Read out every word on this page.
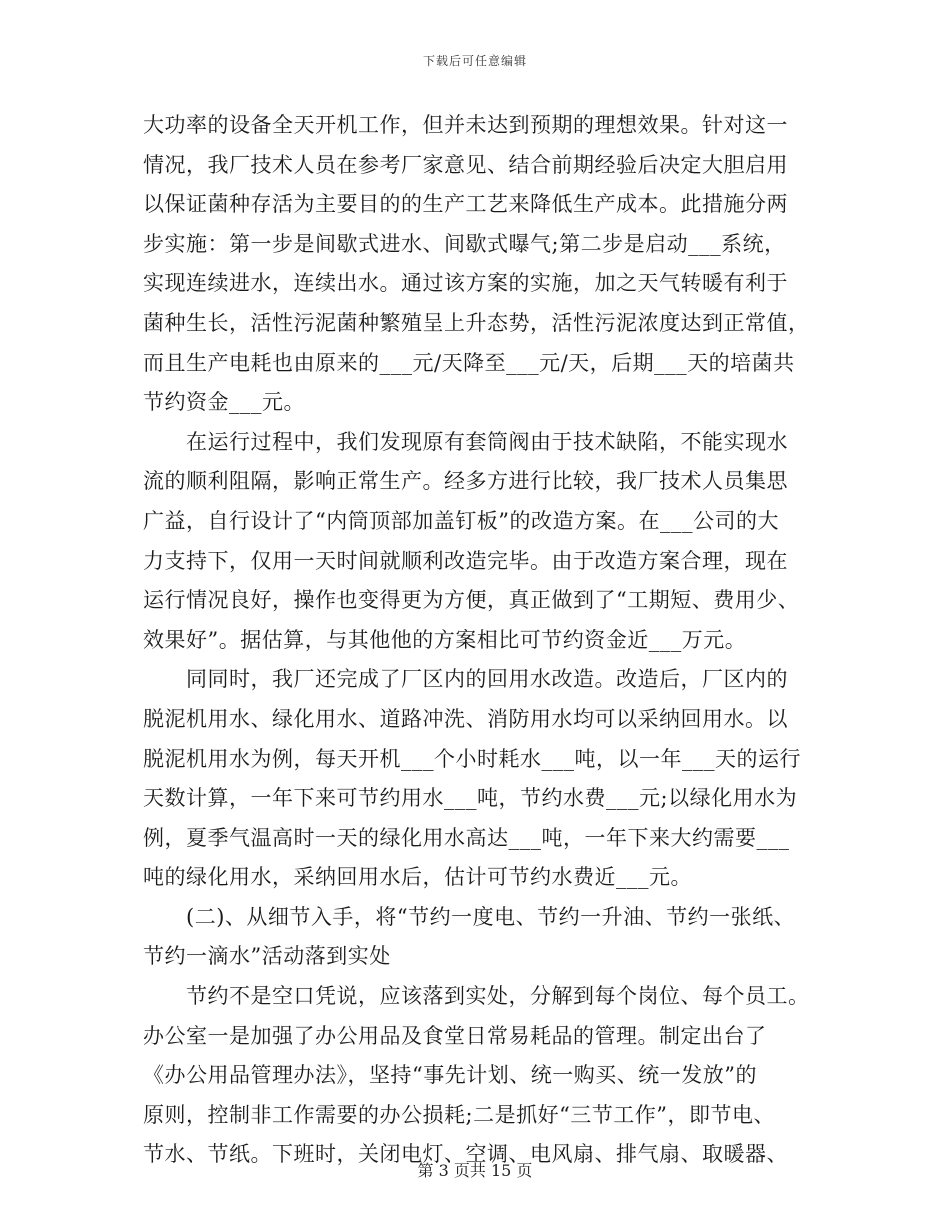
下载后可任意编辑
大功率的设备全天开机工作，但并未达到预期的理想效果。针对这一
情况，我厂技术人员在参考厂家意见、结合前期经验后决定大胆启用
以保证菌种存活为主要目的的生产工艺来降低生产成本。此措施分两
步实施：第一步是间歇式进水、间歇式曝气;第二步是启动___系统，
实现连续进水，连续出水。通过该方案的实施，加之天气转暖有利于
菌种生长，活性污泥菌种繁殖呈上升态势，活性污泥浓度达到正常值，
而且生产电耗也由原来的___元/天降至___元/天，后期___天的培菌共
节约资金___元。
　　在运行过程中，我们发现原有套筒阀由于技术缺陷，不能实现水
流的顺利阻隔，影响正常生产。经多方进行比较，我厂技术人员集思
广益，自行设计了“内筒顶部加盖钉板”的改造方案。在___公司的大
力支持下，仅用一天时间就顺利改造完毕。由于改造方案合理，现在
运行情况良好，操作也变得更为方便，真正做到了“工期短、费用少、
效果好”。据估算，与其他他的方案相比可节约资金近___万元。
　　同同时，我厂还完成了厂区内的回用水改造。改造后，厂区内的
脱泥机用水、绿化用水、道路冲洗、消防用水均可以采纳回用水。以
脱泥机用水为例，每天开机___个小时耗水___吨，以一年___天的运行
天数计算，一年下来可节约用水___吨，节约水费___元;以绿化用水为
例，夏季气温高时一天的绿化用水高达___吨，一年下来大约需要___
吨的绿化用水，采纳回用水后，估计可节约水费近___元。
　　(二)、从细节入手，将“节约一度电、节约一升油、节约一张纸、
节约一滴水”活动落到实处
　　节约不是空口凭说，应该落到实处，分解到每个岗位、每个员工。
办公室一是加强了办公用品及食堂日常易耗品的管理。制定出台了
《办公用品管理办法》，坚持“事先计划、统一购买、统一发放”的
原则，控制非工作需要的办公损耗;二是抓好“三节工作”，即节电、
节水、节纸。下班时，关闭电灯、空调、电风扇、排气扇、取暖器、
第 3 页共 15 页
